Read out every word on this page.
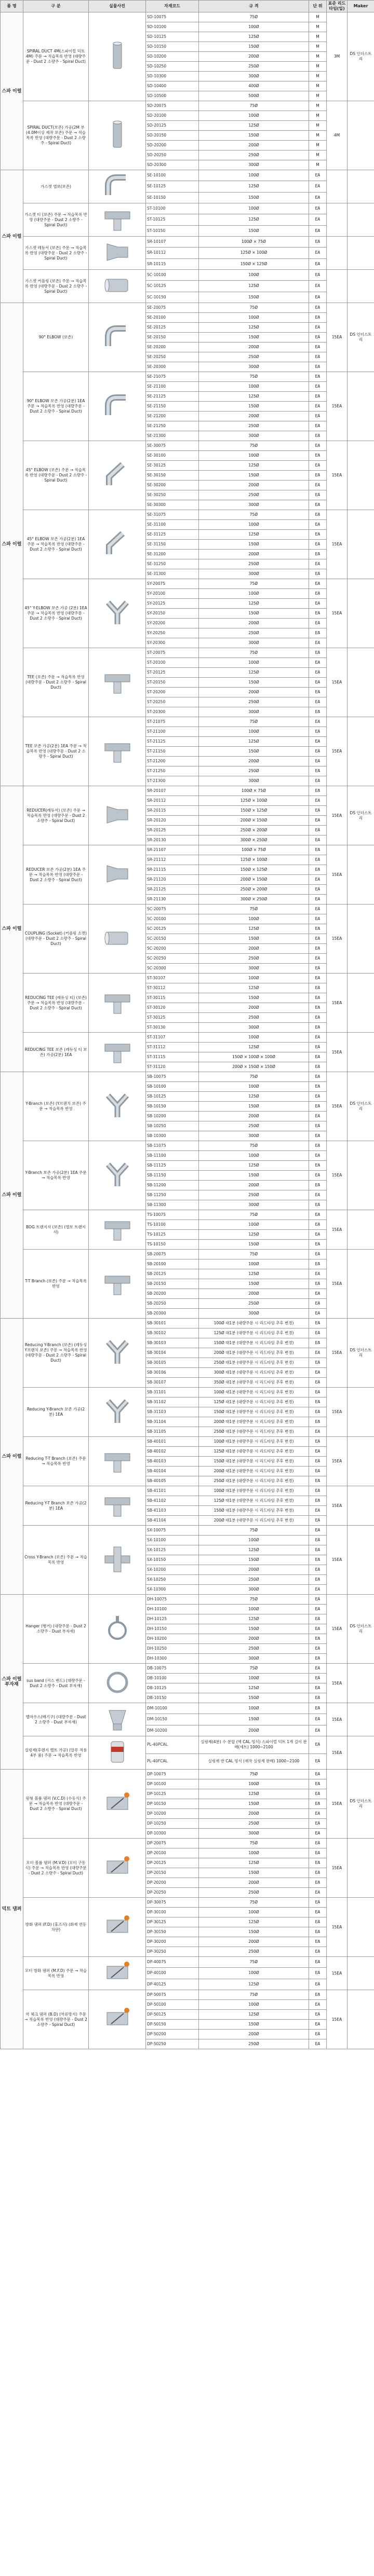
품 명	구 분	실물사진	자재코드	규 격	단 위	표준 리드타임(일)	Maker
스파 이럴	SPIRAL DUCT 4M(스파이럴 덕트 4M) 주문 → 적습목록 반영 (대량주문 - Dust 2 소량주 - Spiral Duct)		SD-10075	75Ø	M	3M	DS 인더스트리
			SD-10100	100Ø	M		
			SD-10125	125Ø	M		
			SD-10150	150Ø	M		
			SD-10200	200Ø	M		
			SD-10250	250Ø	M		
			SD-10300	300Ø	M		
			SD-10400	400Ø	M		
			SD-10500	500Ø	M		
	SPIRAL DUCT(보존) 가공(2M 부 (4.0M이상 제작 보존) 주문 → 적습목록 반영 (대량주문 - Dust 2 소량주 - Spiral Duct)		SD-20075	75Ø	M	4M	
			SD-20100	100Ø	M		
			SD-20125	125Ø	M		
			SD-20150	150Ø	M		
			SD-20200	200Ø	M		
			SD-20250	250Ø	M		
			SD-20300	300Ø	M		
스파 이럴	가스켓 앨보(보존)		SE-10100	100Ø	EA		
			SE-10125	125Ø	EA		
			SE-10150	150Ø	EA		
	가스켓 티 (보존) 주문 → 적습목록 반영 (대량주문 - Dust 2 소량주 - Spiral Duct)		ST-10100	100Ø	EA		
			ST-10125	125Ø	EA		
			ST-10150	150Ø	EA		
	가스켓 레듀서 (보존) 주문 → 적습목록 반영 (대량주문 - Dust 2 소량주 - Spiral Duct)		SR-10107	100Ø × 75Ø	EA		
			SR-10112	125Ø × 100Ø	EA		
			SR-10115	150Ø × 125Ø	EA		
	가스켓 커플링 (보존) 주문 → 적습목록 반영 (대량주문 - Dust 2 소량주 - Spiral Duct)		SC-10100	100Ø	EA		
			SC-10125	125Ø	EA		
			SC-10150	150Ø	EA		
스파 이럴	90° ELBOW (보존)		SE-20075	75Ø	EA	15EA	DS 인더스트리
			SE-20100	100Ø	EA		
			SE-20125	125Ø	EA		
			SE-20150	150Ø	EA		
			SE-20200	200Ø	EA		
			SE-20250	250Ø	EA		
			SE-20300	300Ø	EA		
	90° ELBOW 보존 가공(2분) 1EA 주문 → 적습목록 반영 (대량주문 - Dust 2 소량주 - Spiral Duct)		SE-21075	75Ø	EA	15EA	
			SE-21100	100Ø	EA		
			SE-21125	125Ø	EA		
			SE-21150	150Ø	EA		
			SE-21200	200Ø	EA		
			SE-21250	250Ø	EA		
			SE-21300	300Ø	EA		
	45° ELBOW (보존) 주문 → 적습목록 반영 (대량주문 - Dust 2 소량주 - Spiral Duct)		SE-30075	75Ø	EA	15EA	
			SE-30100	100Ø	EA		
			SE-30125	125Ø	EA		
			SE-30150	150Ø	EA		
			SE-30200	200Ø	EA		
			SE-30250	250Ø	EA		
			SE-30300	300Ø	EA		
	45° ELBOW 보존 가공(2분) 1EA 주문 → 적습목록 반영 (대량주문 - Dust 2 소량주 - Spiral Duct)		SE-31075	75Ø	EA	15EA	
			SE-31100	100Ø	EA		
			SE-31125	125Ø	EA		
			SE-31150	150Ø	EA		
			SE-31200	200Ø	EA		
			SE-31250	250Ø	EA		
			SE-31300	300Ø	EA		
	45° Y-ELBOW 보존 가공 (2분) 1EA 주문 → 적습목록 반영 (대량주문 - Dust 2 소량주 - Spiral Duct)		SY-20075	75Ø	EA	15EA	
			SY-20100	100Ø	EA		
			SY-20125	125Ø	EA		
			SY-20150	150Ø	EA		
			SY-20200	200Ø	EA		
			SY-20250	250Ø	EA		
			SY-20300	300Ø	EA		
	TEE (보존) 주문 → 적습목록 반영 (대량주문 - Dust 2 소량주 - Spiral Duct)		ST-20075	75Ø	EA	15EA	
			ST-20100	100Ø	EA		
			ST-20125	125Ø	EA		
			ST-20150	150Ø	EA		
			ST-20200	200Ø	EA		
			ST-20250	250Ø	EA		
			ST-20300	300Ø	EA		
	TEE 보존 가공(2분) 1EA 주문 → 적습목록 반영 (대량주문 - Dust 2 소량주 - Spiral Duct)		ST-21075	75Ø	EA	15EA	
			ST-21100	100Ø	EA		
			ST-21125	125Ø	EA		
			ST-21150	150Ø	EA		
			ST-21200	200Ø	EA		
			ST-21250	250Ø	EA		
			ST-21300	300Ø	EA		
스파 이럴	REDUCER(레듀서) (보존) 주문 → 적습목록 반영 (대량주문 - Dust 2 소량주 - Spiral Duct)		SR-20107	100Ø × 75Ø	EA	15EA	DS 인더스트리
			SR-20112	125Ø × 100Ø	EA		
			SR-20115	150Ø × 125Ø	EA		
			SR-20120	200Ø × 150Ø	EA		
			SR-20125	250Ø × 200Ø	EA		
			SR-20130	300Ø × 250Ø	EA		
	REDUCER 보존 가공(2분) 1EA 주문 → 적습목록 반영 (대량주문 - Dust 2 소량주 - Spiral Duct)		SR-21107	100Ø × 75Ø	EA	15EA	
			SR-21112	125Ø × 100Ø	EA		
			SR-21115	150Ø × 125Ø	EA		
			SR-21120	200Ø × 150Ø	EA		
			SR-21125	250Ø × 200Ø	EA		
			SR-21130	300Ø × 250Ø	EA		
	COUPLING (Socket) (커플링 소켓) (대량주문 - Dust 2 소량주 - Spiral Duct)		SC-20075	75Ø	EA	15EA	
			SC-20100	100Ø	EA		
			SC-20125	125Ø	EA		
			SC-20150	150Ø	EA		
			SC-20200	200Ø	EA		
			SC-20250	250Ø	EA		
			SC-20300	300Ø	EA		
	REDUCING TEE (레듀싱 티) (보존) 주문 → 적습목록 반영 (대량주문 - Dust 2 소량주 - Spiral Duct)		ST-30107	100Ø	EA	15EA	
			ST-30112	125Ø	EA		
			ST-30115	150Ø	EA		
			ST-30120	200Ø	EA		
			ST-30125	250Ø	EA		
			ST-30130	300Ø	EA		
	REDUCING TEE 보존 (레듀싱 티 보존) 가공(2분) 1EA		ST-31107	100Ø	EA	15EA	
			ST-31112	125Ø	EA		
			ST-31115	150Ø × 100Ø × 100Ø	EA		
			ST-31120	200Ø × 150Ø × 150Ø	EA		
스파 이럴	Y-Branch (보존) (Y브랜치 보존) 주문 → 적습목록 반영		SB-10075	75Ø	EA	15EA	DS 인더스트리
			SB-10100	100Ø	EA		
			SB-10125	125Ø	EA		
			SB-10150	150Ø	EA		
			SB-10200	200Ø	EA		
			SB-10250	250Ø	EA		
			SB-10300	300Ø	EA		
	Y-Branch 보존 가공(2분) 1EA 주문 → 적습목록 반영		SB-11075	75Ø	EA	15EA	
			SB-11100	100Ø	EA		
			SB-11125	125Ø	EA		
			SB-11150	150Ø	EA		
			SB-11200	200Ø	EA		
			SB-11250	250Ø	EA		
			SB-11300	300Ø	EA		
	BOG 트랜지셔 (보존) (엘보 트랜지셔)		TS-10075	75Ø	EA	15EA	
			TS-10100	100Ø	EA		
			TS-10125	125Ø	EA		
			TS-10150	150Ø	EA		
	T-T Branch (보존) 주문 → 적습목록 반영		SB-20075	75Ø	EA	15EA	
			SB-20100	100Ø	EA		
			SB-20125	125Ø	EA		
			SB-20150	150Ø	EA		
			SB-20200	200Ø	EA		
			SB-20250	250Ø	EA		
			SB-20300	300Ø	EA		
스파 이럴	Reducing Y-Branch (보존) (레듀싱 Y브랜치 보존) 주문 → 적습목록 반영 (대량주문 - Dust 2 소량주 - Spiral Duct)		SB-30101	100Ø 대1분 (대량주문 시 리드타임 추후 변경)	EA	15EA	DS 인더스트리
			SB-30102	125Ø 대1분 (대량주문 시 리드타임 추후 변경)	EA		
			SB-30103	150Ø 대1분 (대량주문 시 리드타임 추후 변경)	EA		
			SB-30104	200Ø 대1분 (대량주문 시 리드타임 추후 변경)	EA		
			SB-30105	250Ø 대1분 (대량주문 시 리드타임 추후 변경)	EA		
			SB-30106	300Ø 대1분 (대량주문 시 리드타임 추후 변경)	EA		
			SB-30107	350Ø 대1분 (대량주문 시 리드타임 추후 변경)	EA		
	Reducing Y-Branch 보존 가공(2분) 1EA		SB-31101	100Ø 대1분 (대량주문 시 리드타임 추후 변경)	EA	15EA	
			SB-31102	125Ø 대1분 (대량주문 시 리드타임 추후 변경)	EA		
			SB-31103	150Ø 대1분 (대량주문 시 리드타임 추후 변경)	EA		
			SB-31104	200Ø 대1분 (대량주문 시 리드타임 추후 변경)	EA		
			SB-31105	250Ø 대1분 (대량주문 시 리드타임 추후 변경)	EA		
	Reducing T-T Branch (보존) 주문 → 적습목록 반영		SB-40101	100Ø 대1분 (대량주문 시 리드타임 추후 변경)	EA	15EA	
			SB-40102	125Ø 대1분 (대량주문 시 리드타임 추후 변경)	EA		
			SB-40103	150Ø 대1분 (대량주문 시 리드타임 추후 변경)	EA		
			SB-40104	200Ø 대1분 (대량주문 시 리드타임 추후 변경)	EA		
			SB-40105	250Ø 대1분 (대량주문 시 리드타임 추후 변경)	EA		
	Reducing Y-T Branch 보존 가공(2분) 1EA		SB-41101	100Ø 대1분 (대량주문 시 리드타임 추후 변경)	EA	15EA	
			SB-41102	125Ø 대1분 (대량주문 시 리드타임 추후 변경)	EA		
			SB-41103	150Ø 대1분 (대량주문 시 리드타임 추후 변경)	EA		
			SB-41104	200Ø 대1분 (대량주문 시 리드타임 추후 변경)	EA		
	Cross Y-Branch (보존) 주문 → 적습목록 반영		SX-10075	75Ø	EA	15EA	
			SX-10100	100Ø	EA		
			SX-10125	125Ø	EA		
			SX-10150	150Ø	EA		
			SX-10200	200Ø	EA		
			SX-10250	250Ø	EA		
			SX-10300	300Ø	EA		
스파 이럴 부자재	Hanger (행거) (대량주문 - Dust 2 소량주 - Dust 부자재)		DH-10075	75Ø	EA	15EA	DS 인더스트리
			DH-10100	100Ø	EA		
			DH-10125	125Ø	EA		
			DH-10150	150Ø	EA		
			DH-10200	200Ø	EA		
			DH-10250	250Ø	EA		
			DH-10300	300Ø	EA		
	sus band (서스 밴드) (대량주문 - Dust 2 소량주 - Dust 부자재)		DB-10075	75Ø	EA	15EA	
			DB-10100	100Ø	EA		
			DB-10125	125Ø	EA		
			DB-10150	150Ø	EA		
	벨마우스(배기구) (대량주문 - Dust 2 소량주 - Dust 부자재)		DM-10100	100Ø	EA	15EA	
			DM-10150	150Ø	EA		
			DM-10200	200Ø	EA		
	실링제(후렌지 벨트 가공) (알루 적용 4부 품) 주문 → 적습목록 반영		PL-40PCAL	실링제(4분) 수 분압 (엑 CAL 빙식) 스파이럴 덕트 1개 길이 판매(세트) 1000~2100	EA	15EA	
			PL-40FCAL	실링제 반 CAL 빙식 (제작 실링제 판매) 1000~2100	EA		
덕트 댐퍼	원형 볼륨 댐퍼 (V.C.D) (수동식) 주문 → 적습목록 반영 (대량주문 - Dust 2 소량주 - Spiral Duct)		DP-10075	75Ø	EA	15EA	DS 인더스트리
			DP-10100	100Ø	EA		
			DP-10125	125Ø	EA		
			DP-10150	150Ø	EA		
			DP-10200	200Ø	EA		
			DP-10250	250Ø	EA		
			DP-10300	300Ø	EA		
	모터 볼륨 댐퍼 (M.V.D) (모터 구동식) 주문 → 적습목록 반영 (대량주문 - Dust 2 소량주 - Spiral Duct)		DP-20075	75Ø	EA	15EA	
			DP-20100	100Ø	EA		
			DP-20125	125Ø	EA		
			DP-20150	150Ø	EA		
			DP-20200	200Ø	EA		
			DP-20250	250Ø	EA		
	방화 댐퍼 (F.D) (휴즈식) (화재 연동 차단)		DP-30075	75Ø	EA	15EA	
			DP-30100	100Ø	EA		
			DP-30125	125Ø	EA		
			DP-30150	150Ø	EA		
			DP-30200	200Ø	EA		
			DP-30250	250Ø	EA		
	모터 방화 댐퍼 (M.F.D) 주문 → 적습목록 반영		DP-40075	75Ø	EA	15EA	
			DP-40100	100Ø	EA		
			DP-40125	125Ø	EA		
	역 체크 댐퍼 (B.D) (역류방지) 주문 → 적습목록 반영 (대량주문 - Dust 2 소량주 - Spiral Duct)		DP-50075	75Ø	EA	15EA	
			DP-50100	100Ø	EA		
			DP-50125	125Ø	EA		
			DP-50150	150Ø	EA		
			DP-50200	200Ø	EA		
			DP-50250	250Ø	EA		
